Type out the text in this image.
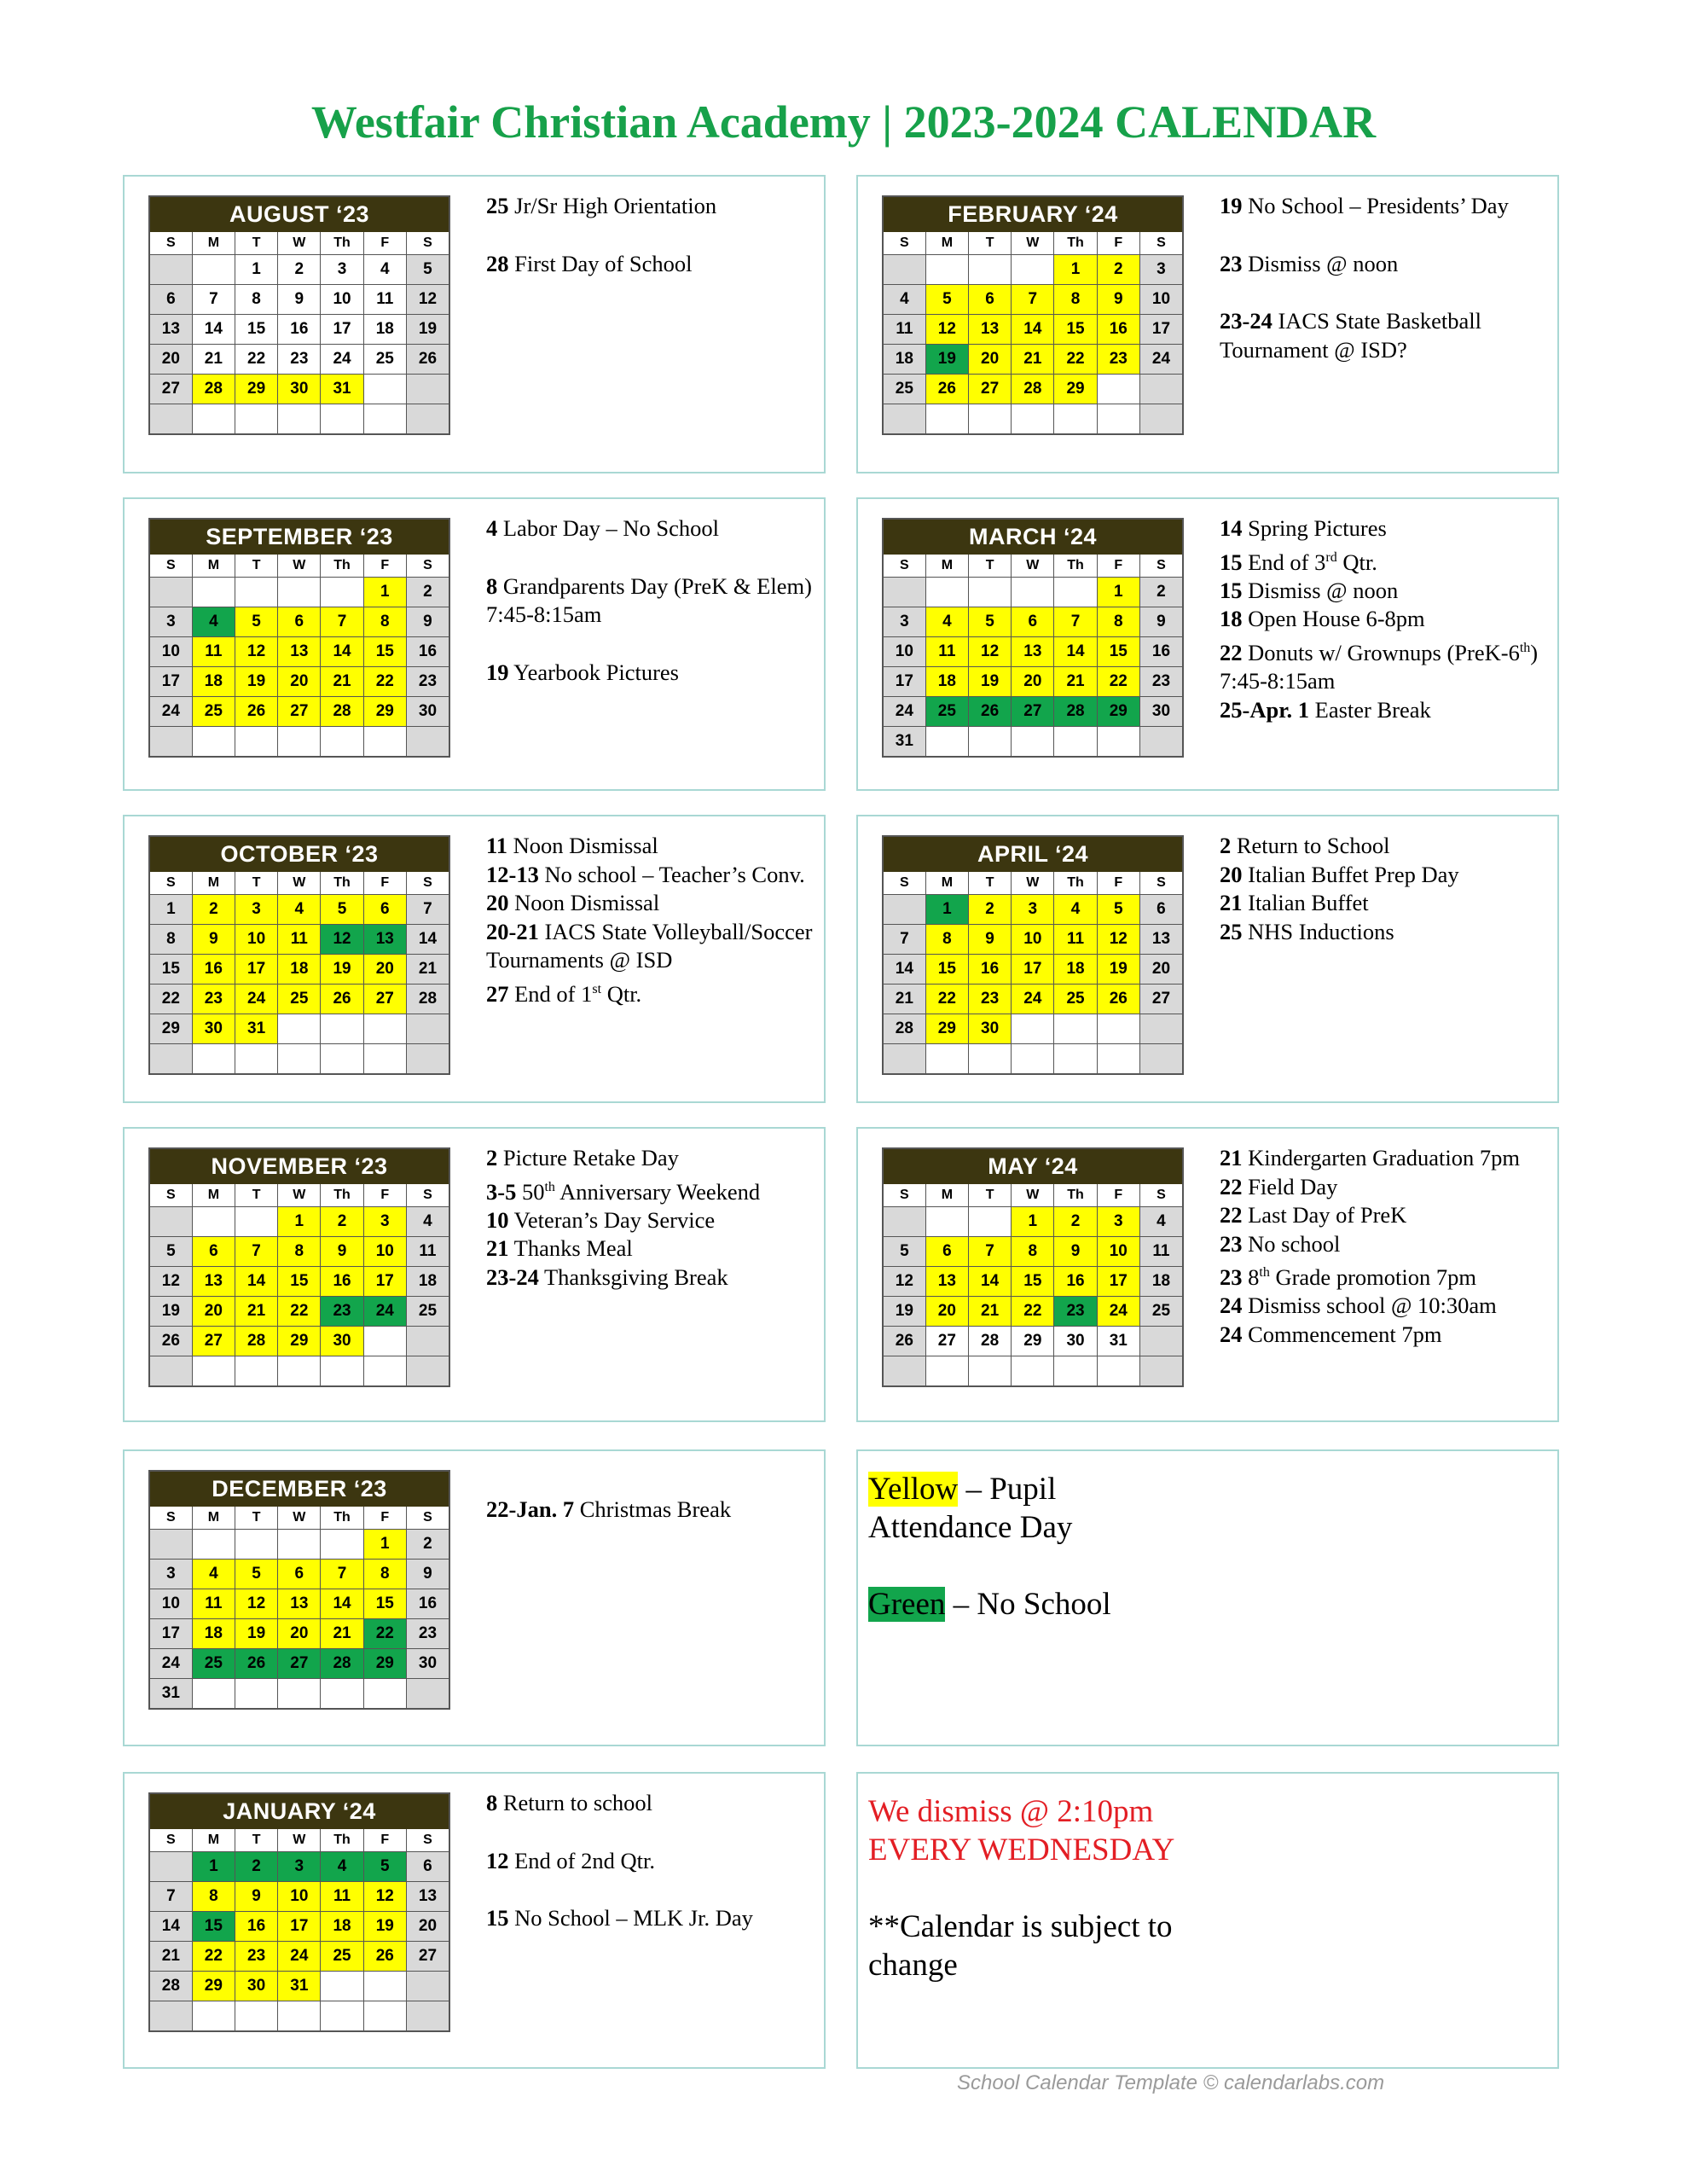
Westfair Christian Academy | 2023-2024 CALENDAR
AUGUST ‘23						
S	M	T	W	Th	F	S
		1	2	3	4	5
6	7	8	9	10	11	12
13	14	15	16	17	18	19
20	21	22	23	24	25	26
27	28	29	30	31		

25 Jr/Sr High Orientation
28 First Day of School
SEPTEMBER ‘23						
S	M	T	W	Th	F	S
					1	2
3	4	5	6	7	8	9
10	11	12	13	14	15	16
17	18	19	20	21	22	23
24	25	26	27	28	29	30

4 Labor Day – No School
8 Grandparents Day (PreK & Elem) 7:45-8:15am
19 Yearbook Pictures
OCTOBER ‘23						
S	M	T	W	Th	F	S
1	2	3	4	5	6	7
8	9	10	11	12	13	14
15	16	17	18	19	20	21
22	23	24	25	26	27	28
29	30	31				

11 Noon Dismissal
12-13 No school – Teacher’s Conv.
20 Noon Dismissal
20-21 IACS State Volleyball/Soccer Tournaments @ ISD
27 End of 1st Qtr.
NOVEMBER ‘23						
S	M	T	W	Th	F	S
			1	2	3	4
5	6	7	8	9	10	11
12	13	14	15	16	17	18
19	20	21	22	23	24	25
26	27	28	29	30		

2 Picture Retake Day
3-5 50th Anniversary Weekend
10 Veteran’s Day Service
21 Thanks Meal
23-24 Thanksgiving Break
DECEMBER ‘23						
S	M	T	W	Th	F	S
					1	2
3	4	5	6	7	8	9
10	11	12	13	14	15	16
17	18	19	20	21	22	23
24	25	26	27	28	29	30
31						
22-Jan. 7 Christmas Break
JANUARY ‘24						
S	M	T	W	Th	F	S
	1	2	3	4	5	6
7	8	9	10	11	12	13
14	15	16	17	18	19	20
21	22	23	24	25	26	27
28	29	30	31			

8 Return to school
12 End of 2nd Qtr.
15 No School – MLK Jr. Day
FEBRUARY ‘24						
S	M	T	W	Th	F	S
				1	2	3
4	5	6	7	8	9	10
11	12	13	14	15	16	17
18	19	20	21	22	23	24
25	26	27	28	29		

19 No School – Presidents’ Day
23 Dismiss @ noon
23-24 IACS State Basketball Tournament @ ISD?
MARCH ‘24						
S	M	T	W	Th	F	S
					1	2
3	4	5	6	7	8	9
10	11	12	13	14	15	16
17	18	19	20	21	22	23
24	25	26	27	28	29	30
31						
14 Spring Pictures
15 End of 3rd Qtr.
15 Dismiss @ noon
18 Open House 6-8pm
22 Donuts w/ Grownups (PreK-6th) 7:45-8:15am
25-Apr. 1 Easter Break
APRIL ‘24						
S	M	T	W	Th	F	S
	1	2	3	4	5	6
7	8	9	10	11	12	13
14	15	16	17	18	19	20
21	22	23	24	25	26	27
28	29	30				

2 Return to School
20 Italian Buffet Prep Day
21 Italian Buffet
25 NHS Inductions
MAY ‘24						
S	M	T	W	Th	F	S
			1	2	3	4
5	6	7	8	9	10	11
12	13	14	15	16	17	18
19	20	21	22	23	24	25
26	27	28	29	30	31	

21 Kindergarten Graduation 7pm
22 Field Day
22 Last Day of PreK
23 No school
23 8th Grade promotion 7pm
24 Dismiss school @ 10:30am
24 Commencement 7pm
Yellow – Pupil Attendance Day
Green – No School
We dismiss @ 2:10pm
EVERY WEDNESDAY
**Calendar is subject to change
School Calendar Template © calendarlabs.com
